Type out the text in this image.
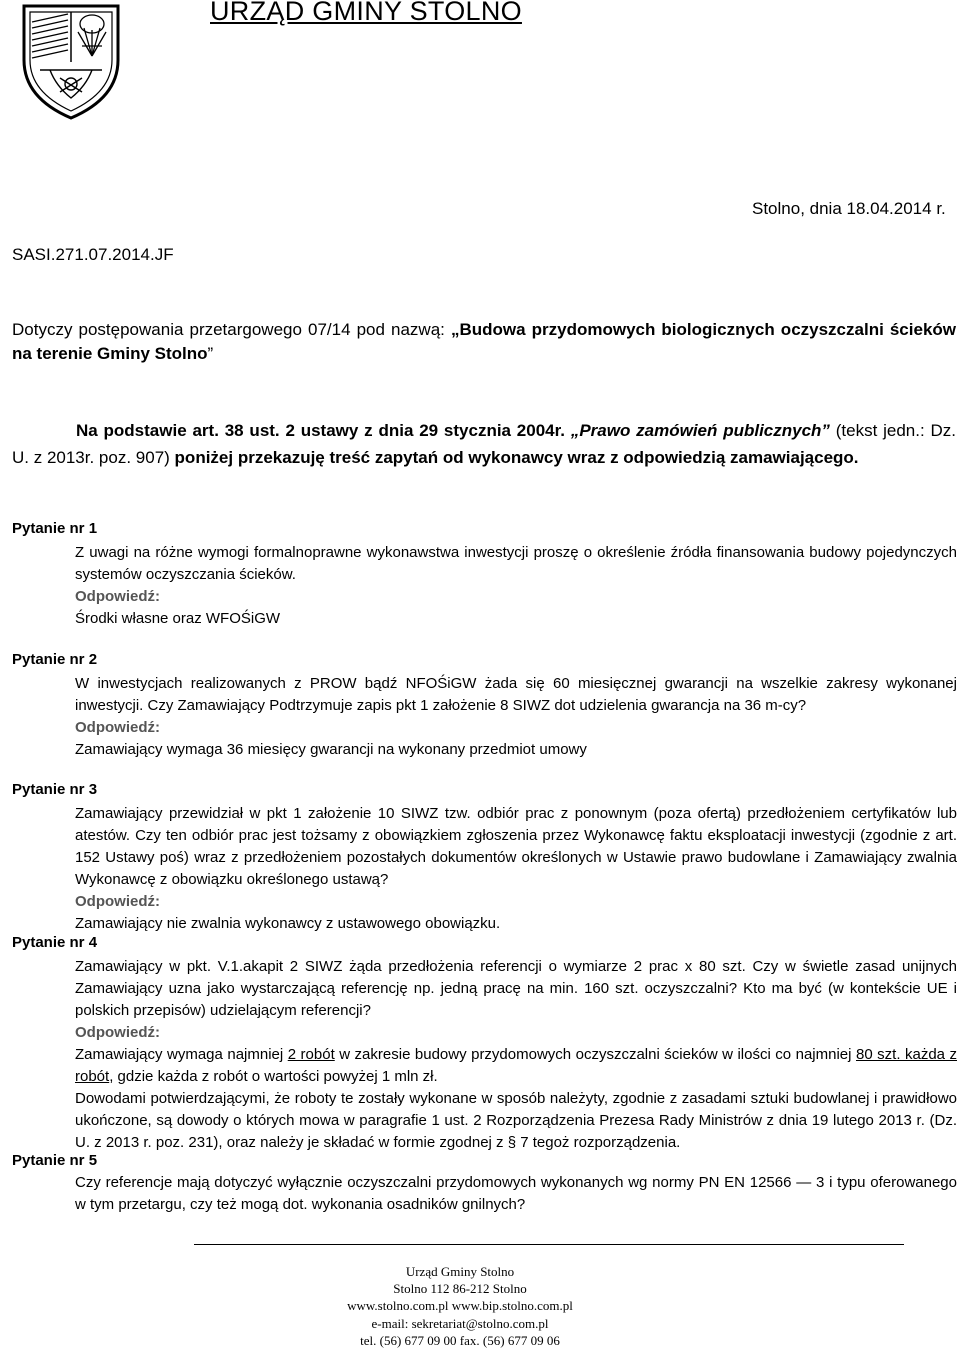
URZĄD GMINY STOLNO
Stolno, dnia 18.04.2014 r.
SASI.271.07.2014.JF
Dotyczy postępowania przetargowego 07/14 pod nazwą: „Budowa przydomowych biologicznych oczyszczalni ścieków na terenie Gminy Stolno”
Na podstawie art. 38 ust. 2 ustawy z dnia 29 stycznia 2004r. „Prawo zamówień publicznych” (tekst jedn.: Dz. U. z 2013r. poz. 907) poniżej przekazuję treść zapytań od wykonawcy wraz z odpowiedzią zamawiającego.
Pytanie nr 1

Z uwagi na różne wymogi formalnoprawne wykonawstwa inwestycji proszę o określenie źródła finansowania budowy pojedynczych systemów oczyszczania ścieków.

Odpowiedź:

Środki własne oraz WFOŚiGW

Pytanie nr 2

W inwestycjach realizowanych z PROW bądź NFOŚiGW żada się 60 miesięcznej gwarancji na wszelkie zakresy wykonanej inwestycji. Czy Zamawiający Podtrzymuje zapis pkt 1 założenie 8 SIWZ dot udzielenia gwarancja na 36 m-cy?

Odpowiedź:

Zamawiający wymaga 36 miesięcy gwarancji na wykonany przedmiot umowy

Pytanie nr 3

Zamawiający przewidział w pkt 1 założenie 10 SIWZ tzw. odbiór prac z ponownym (poza ofertą) przedłożeniem certyfikatów lub atestów. Czy ten odbiór prac jest tożsamy z obowiązkiem zgłoszenia przez Wykonawcę faktu eksploatacji inwestycji (zgodnie z art. 152 Ustawy poś) wraz z przedłożeniem pozostałych dokumentów określonych w Ustawie prawo budowlane i Zamawiający zwalnia Wykonawcę z obowiązku określonego ustawą?

Odpowiedź:

Zamawiający nie zwalnia wykonawcy z ustawowego obowiązku.

Pytanie nr 4

Zamawiający w pkt. V.1.akapit 2 SIWZ żąda przedłożenia referencji o wymiarze 2 prac x 80 szt. Czy w świetle zasad unijnych Zamawiający uzna jako wystarczającą referencję np. jedną pracę na min. 160 szt. oczyszczalni? Kto ma być (w kontekście UE i polskich przepisów) udzielającym referencji?

Odpowiedź:

Zamawiający wymaga najmniej 2 robót w zakresie budowy przydomowych oczyszczalni ścieków w ilości co najmniej 80 szt. każda z robót, gdzie każda z robót o wartości powyżej 1 mln zł.

Dowodami potwierdzającymi, że roboty te zostały wykonane w sposób należyty, zgodnie z zasadami sztuki budowlanej i prawidłowo ukończone, są dowody o których mowa w paragrafie 1 ust. 2 Rozporządzenia Prezesa Rady Ministrów z dnia 19 lutego 2013 r. (Dz. U. z 2013 r. poz. 231), oraz należy je składać w formie zgodnej z § 7 tegoż rozporządzenia.

Pytanie nr 5

Czy referencje mają dotyczyć wyłącznie oczyszczalni przydomowych wykonanych wg normy PN EN 12566 ― 3 i typu oferowanego w tym przetargu, czy też mogą dot. wykonania osadników gnilnych?

Urząd Gminy Stolno
Stolno 112 86-212 Stolno
www.stolno.com.pl www.bip.stolno.com.pl
e-mail: sekretariat@stolno.com.pl
tel. (56) 677 09 00 fax. (56) 677 09 06
